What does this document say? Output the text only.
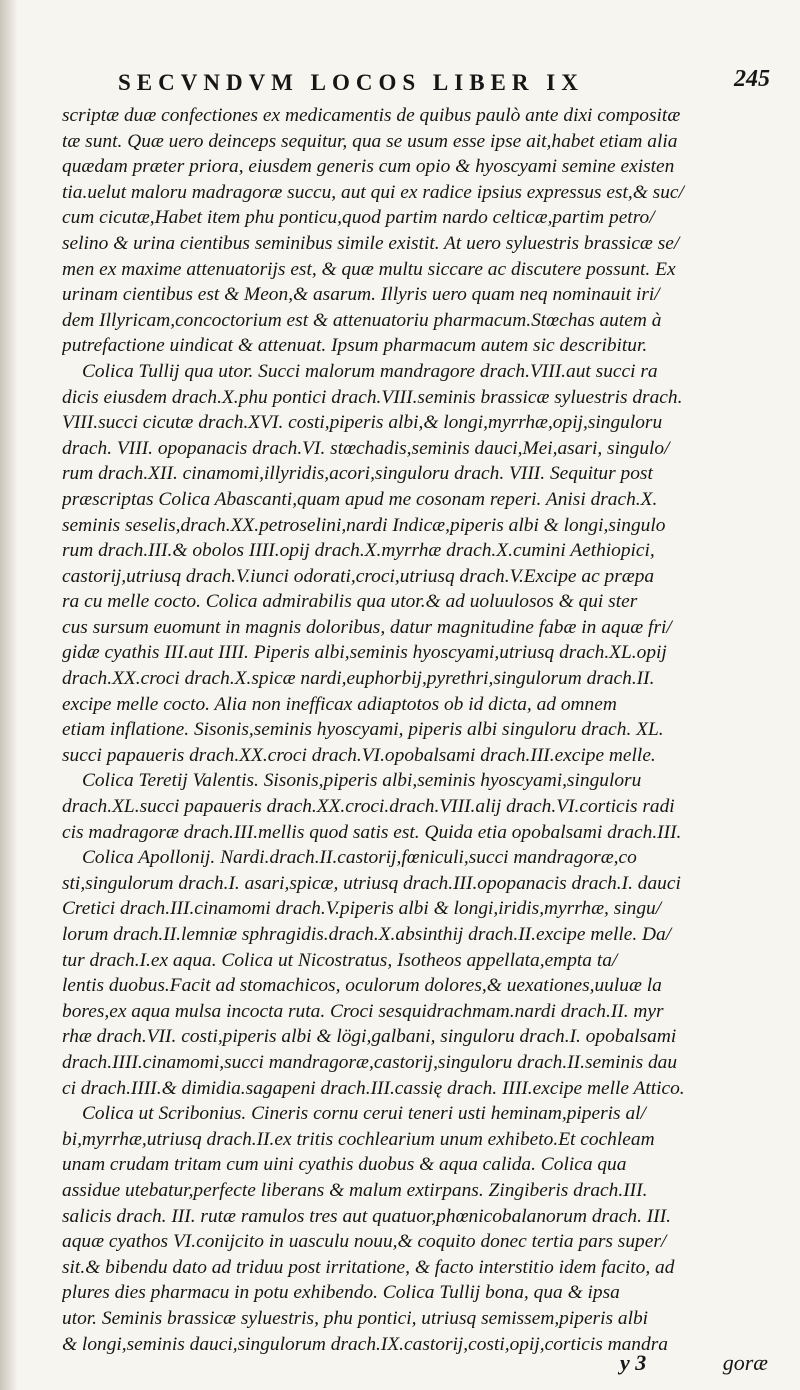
SECVNDVM LOCOS LIBER IX	245
scriptæ duæ confectiones ex medicamentis de quibus paulò ante dixi compositæ
tæ sunt. Quæ uero deinceps sequitur, qua se usum esse ipse ait,habet etiam alia
quædam præter priora, eiusdem generis cum opio & hyoscyami semine existen
tia.uelut maloru madragoræ succu, aut qui ex radice ipsius expressus est,& suc/
cum cicutæ,Habet item phu ponticu,quod partim nardo celticæ,partim petro/
selino & urina cientibus seminibus simile existit. At uero syluestris brassicæ se/
men ex maxime attenuatorijs est, & quæ multu siccare ac discutere possunt. Ex
urinam cientibus est & Meon,& asarum. Illyris uero quam neq nominauit iri/
dem Illyricam,concoctorium est & attenuatoriu pharmacum.Stœchas autem à
putrefactione uindicat & attenuat. Ipsum pharmacum autem sic describitur.
Colica Tullij qua utor. Succi malorum mandragore drach.VIII.aut succi ra
dicis eiusdem drach.X.phu pontici drach.VIII.seminis brassicæ syluestris drach.
VIII.succi cicutæ drach.XVI. costi,piperis albi,& longi,myrrhæ,opij,singuloru
drach. VIII. opopanacis drach.VI. stœchadis,seminis dauci,Mei,asari, singulo/
rum drach.XII. cinamomi,illyridis,acori,singuloru drach. VIII. Sequitur post
præscriptas Colica Abascanti,quam apud me cosonam reperi. Anisi drach.X.
seminis seselis,drach.XX.petroselini,nardi Indicæ,piperis albi & longi,singulo
rum drach.III.& obolos IIII.opij drach.X.myrrhæ drach.X.cumini Aethiopici,
castorij,utriusq drach.V.iunci odorati,croci,utriusq drach.V.Excipe ac præpa
ra cu melle cocto. Colica admirabilis qua utor.& ad uoluulosos & qui ster
cus sursum euomunt in magnis doloribus, datur magnitudine fabæ in aquæ fri/
gidæ cyathis III.aut IIII. Piperis albi,seminis hyoscyami,utriusq drach.XL.opij
drach.XX.croci drach.X.spicæ nardi,euphorbij,pyrethri,singulorum drach.II.
excipe melle cocto. Alia non inefficax adiaptotos ob id dicta, ad omnem
etiam inflatione. Sisonis,seminis hyoscyami, piperis albi singuloru drach. XL.
succi papaueris drach.XX.croci drach.VI.opobalsami drach.III.excipe melle.
Colica Teretij Valentis. Sisonis,piperis albi,seminis hyoscyami,singuloru
drach.XL.succi papaueris drach.XX.croci.drach.VIII.alij drach.VI.corticis radi
cis madragoræ drach.III.mellis quod satis est. Quida etia opobalsami drach.III.
Colica Apollonij. Nardi.drach.II.castorij,fœniculi,succi mandragoræ,co
sti,singulorum drach.I. asari,spicæ, utriusq drach.III.opopanacis drach.I. dauci
Cretici drach.III.cinamomi drach.V.piperis albi & longi,iridis,myrrhæ, singu/
lorum drach.II.lemniæ sphragidis.drach.X.absinthij drach.II.excipe melle. Da/
tur drach.I.ex aqua. Colica ut Nicostratus, Isotheos appellata,empta ta/
lentis duobus.Facit ad stomachicos, oculorum dolores,& uexationes,uuluæ la
bores,ex aqua mulsa incocta ruta. Croci sesquidrachmam.nardi drach.II. myr
rhæ drach.VII. costi,piperis albi & lögi,galbani, singuloru drach.I. opobalsami
drach.IIII.cinamomi,succi mandragoræ,castorij,singuloru drach.II.seminis dau
ci drach.IIII.& dimidia.sagapeni drach.III.cassię drach. IIII.excipe melle Attico.
Colica ut Scribonius. Cineris cornu cerui teneri usti heminam,piperis al/
bi,myrrhæ,utriusq drach.II.ex tritis cochlearium unum exhibeto.Et cochleam
unam crudam tritam cum uini cyathis duobus & aqua calida. Colica qua
assidue utebatur,perfecte liberans & malum extirpans. Zingiberis drach.III.
salicis drach. III. rutæ ramulos tres aut quatuor,phœnicobalanorum drach. III.
aquæ cyathos VI.conijcito in uasculu nouu,& coquito donec tertia pars super/
sit.& bibendu dato ad triduu post irritatione, & facto interstitio idem facito, ad
plures dies pharmacu in potu exhibendo. Colica Tullij bona, qua & ipsa
utor. Seminis brassicæ syluestris, phu pontici, utriusq semissem,piperis albi
& longi,seminis dauci,singulorum drach.IX.castorij,costi,opij,corticis mandra
y 3	goræ
